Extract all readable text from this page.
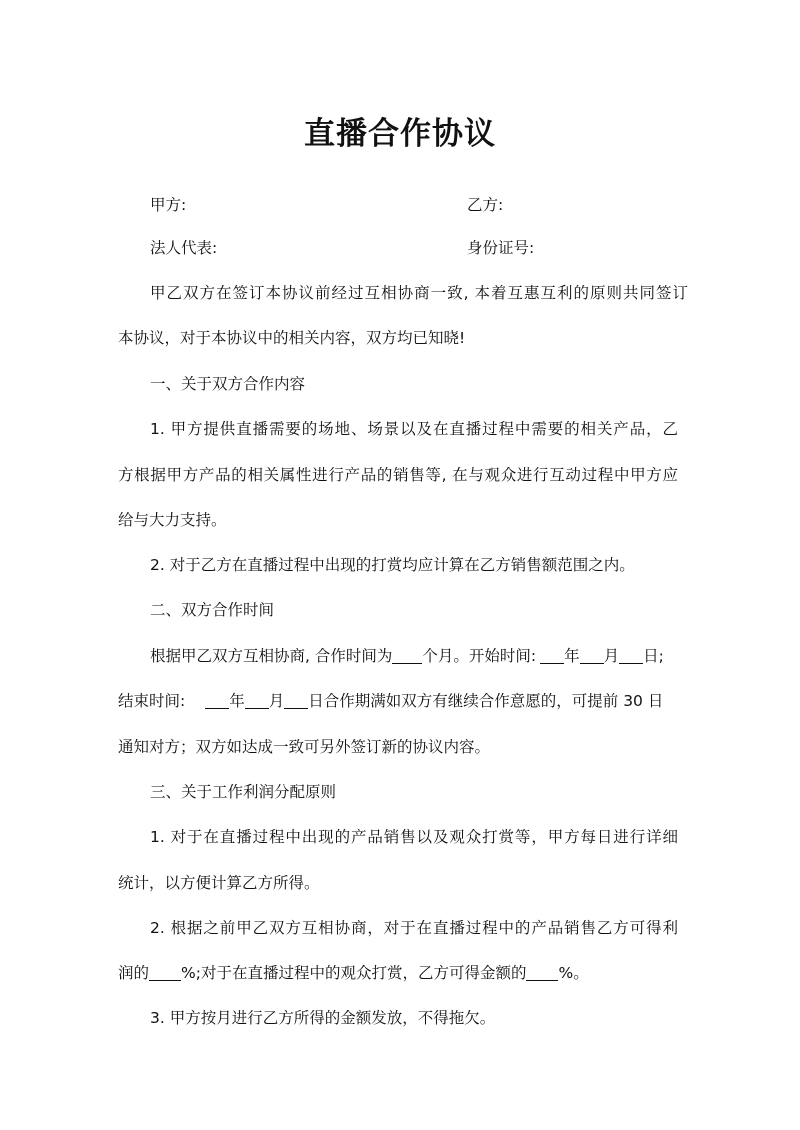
直播合作协议
甲方:	乙方:
法人代表:	身份证号:
甲乙双方在签订本协议前经过互相协商一致, 本着互惠互利的原则共同签订
本协议，对于本协议中的相关内容，双方均已知晓!
一、关于双方合作内容
1. 甲方提供直播需要的场地、场景以及在直播过程中需要的相关产品，乙
方根据甲方产品的相关属性进行产品的销售等, 在与观众进行互动过程中甲方应
给与大力支持。
2. 对于乙方在直播过程中出现的打赏均应计算在乙方销售额范围之内。
二、双方合作时间
根据甲乙双方互相协商, 合作时间为 个月。开始时间: 年 月 日;
结束时间:	年 月 日合作期满如双方有继续合作意愿的，可提前 30 日
通知对方；双方如达成一致可另外签订新的协议内容。
三、关于工作利润分配原则
1. 对于在直播过程中出现的产品销售以及观众打赏等，甲方每日进行详细
统计，以方便计算乙方所得。
2. 根据之前甲乙双方互相协商，对于在直播过程中的产品销售乙方可得利
润的 %;对于在直播过程中的观众打赏，乙方可得金额的 %。
3. 甲方按月进行乙方所得的金额发放，不得拖欠。
